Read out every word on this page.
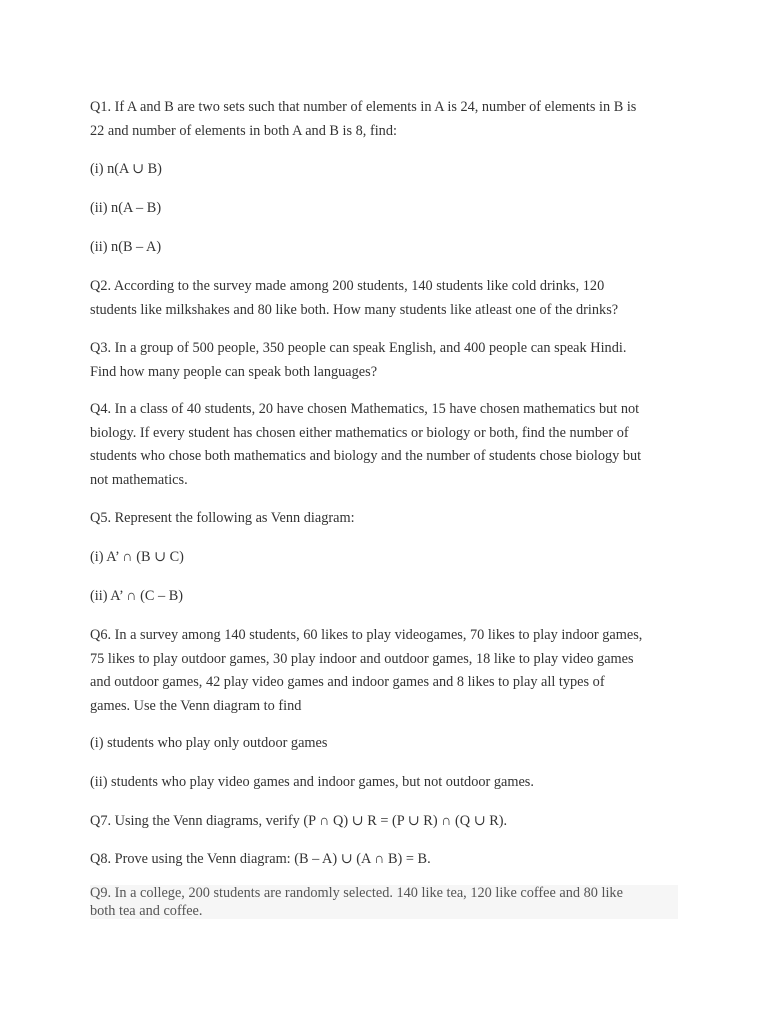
Q1. If A and B are two sets such that number of elements in A is 24, number of elements in B is
22 and number of elements in both A and B is 8, find:

(i) n(A ∪ B)

(ii) n(A – B)

(ii) n(B – A)

Q2. According to the survey made among 200 students, 140 students like cold drinks, 120
students like milkshakes and 80 like both. How many students like atleast one of the drinks?

Q3. In a group of 500 people, 350 people can speak English, and 400 people can speak Hindi.
Find how many people can speak both languages?

Q4. In a class of 40 students, 20 have chosen Mathematics, 15 have chosen mathematics but not
biology. If every student has chosen either mathematics or biology or both, find the number of
students who chose both mathematics and biology and the number of students chose biology but
not mathematics.

Q5. Represent the following as Venn diagram:

(i) A’ ∩ (B ∪ C)

(ii) A’ ∩ (C – B)

Q6. In a survey among 140 students, 60 likes to play videogames, 70 likes to play indoor games,
75 likes to play outdoor games, 30 play indoor and outdoor games, 18 like to play video games
and outdoor games, 42 play video games and indoor games and 8 likes to play all types of
games. Use the Venn diagram to find

(i) students who play only outdoor games

(ii) students who play video games and indoor games, but not outdoor games.

Q7. Using the Venn diagrams, verify (P ∩ Q) ∪ R = (P ∪ R) ∩ (Q ∪ R).

Q8. Prove using the Venn diagram: (B – A) ∪ (A ∩ B) = B.

Q9. In a college, 200 students are randomly selected. 140 like tea, 120 like coffee and 80 like
both tea and coffee.
